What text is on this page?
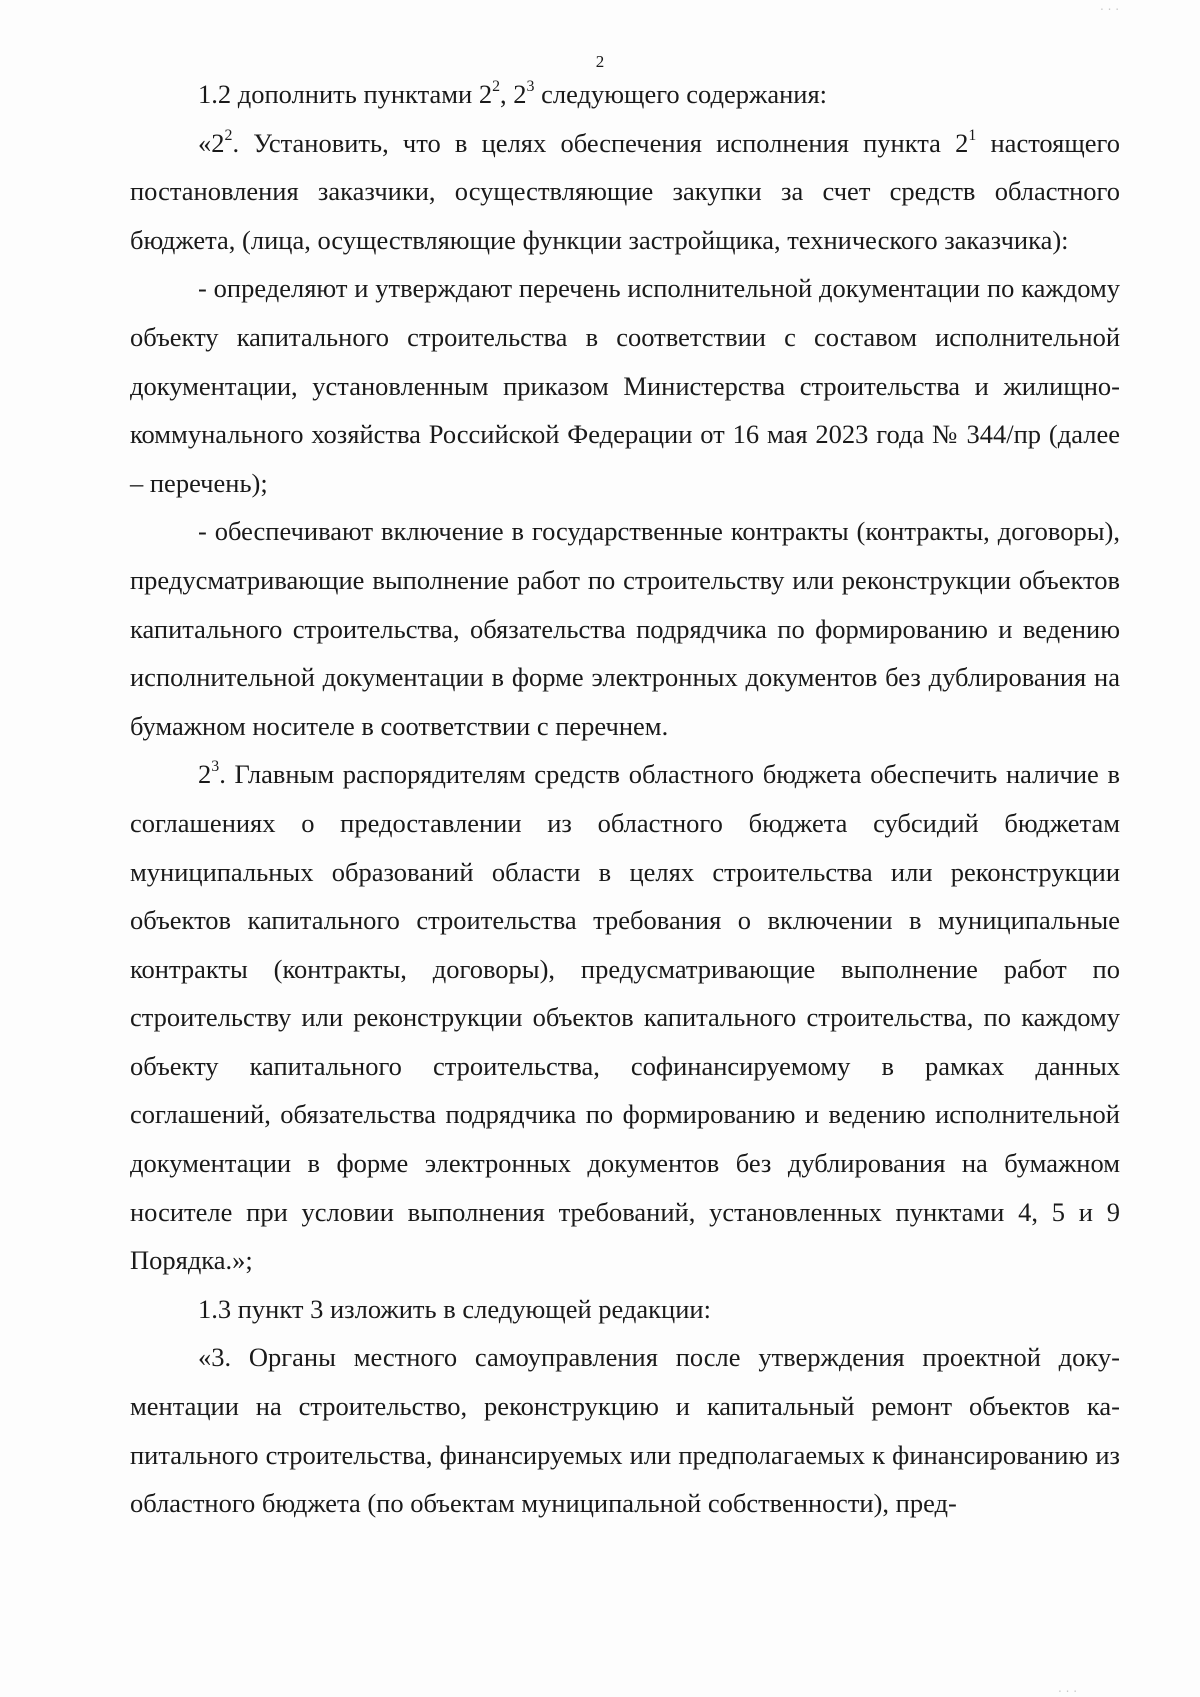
. . .
. . .
2

1.2 дополнить пунктами $2^2$, $2^3$ следующего содержания:

«$2^2$. Установить, что в целях обеспечения исполнения пункта $2^1$ настоящего постановления заказчики, осуществляющие закупки за счет средств областного бюджета, (лица, осуществляющие функции застройщика, технического заказчика):

- определяют и утверждают перечень исполнительной документации по каждому объекту капитального строительства в соответствии с составом исполнительной документации, установленным приказом Министерства строительства и жилищно-коммунального хозяйства Российской Федерации от 16 мая 2023 года № 344/пр (далее – перечень);

- обеспечивают включение в государственные контракты (контракты, договоры), предусматривающие выполнение работ по строительству или реконструкции объектов капитального строительства, обязательства подрядчика по формированию и ведению исполнительной документации в форме электронных документов без дублирования на бумажном носителе в соответствии с перечнем.

$2^3$. Главным распорядителям средств областного бюджета обеспечить наличие в соглашениях о предоставлении из областного бюджета субсидий бюджетам муниципальных образований области в целях строительства или реконструкции объектов капитального строительства требования о включении в муниципальные контракты (контракты, договоры), предусматривающие выполнение работ по строительству или реконструкции объектов капитального строительства, по каждому объекту капитального строительства, софинансируемому в рамках данных соглашений, обязательства подрядчика по формированию и ведению исполнительной документации в форме электронных документов без дублирования на бумажном носителе при условии выполнения требований, установленных пунктами 4, 5 и 9 Порядка.»;

1.3 пункт 3 изложить в следующей редакции:

«3. Органы местного самоуправления после утверждения проектной документации на строительство, реконструкцию и капитальный ремонт объектов капитального строительства, финансируемых или предполагаемых к финансированию из областного бюджета (по объектам муниципальной собственности), пред-
